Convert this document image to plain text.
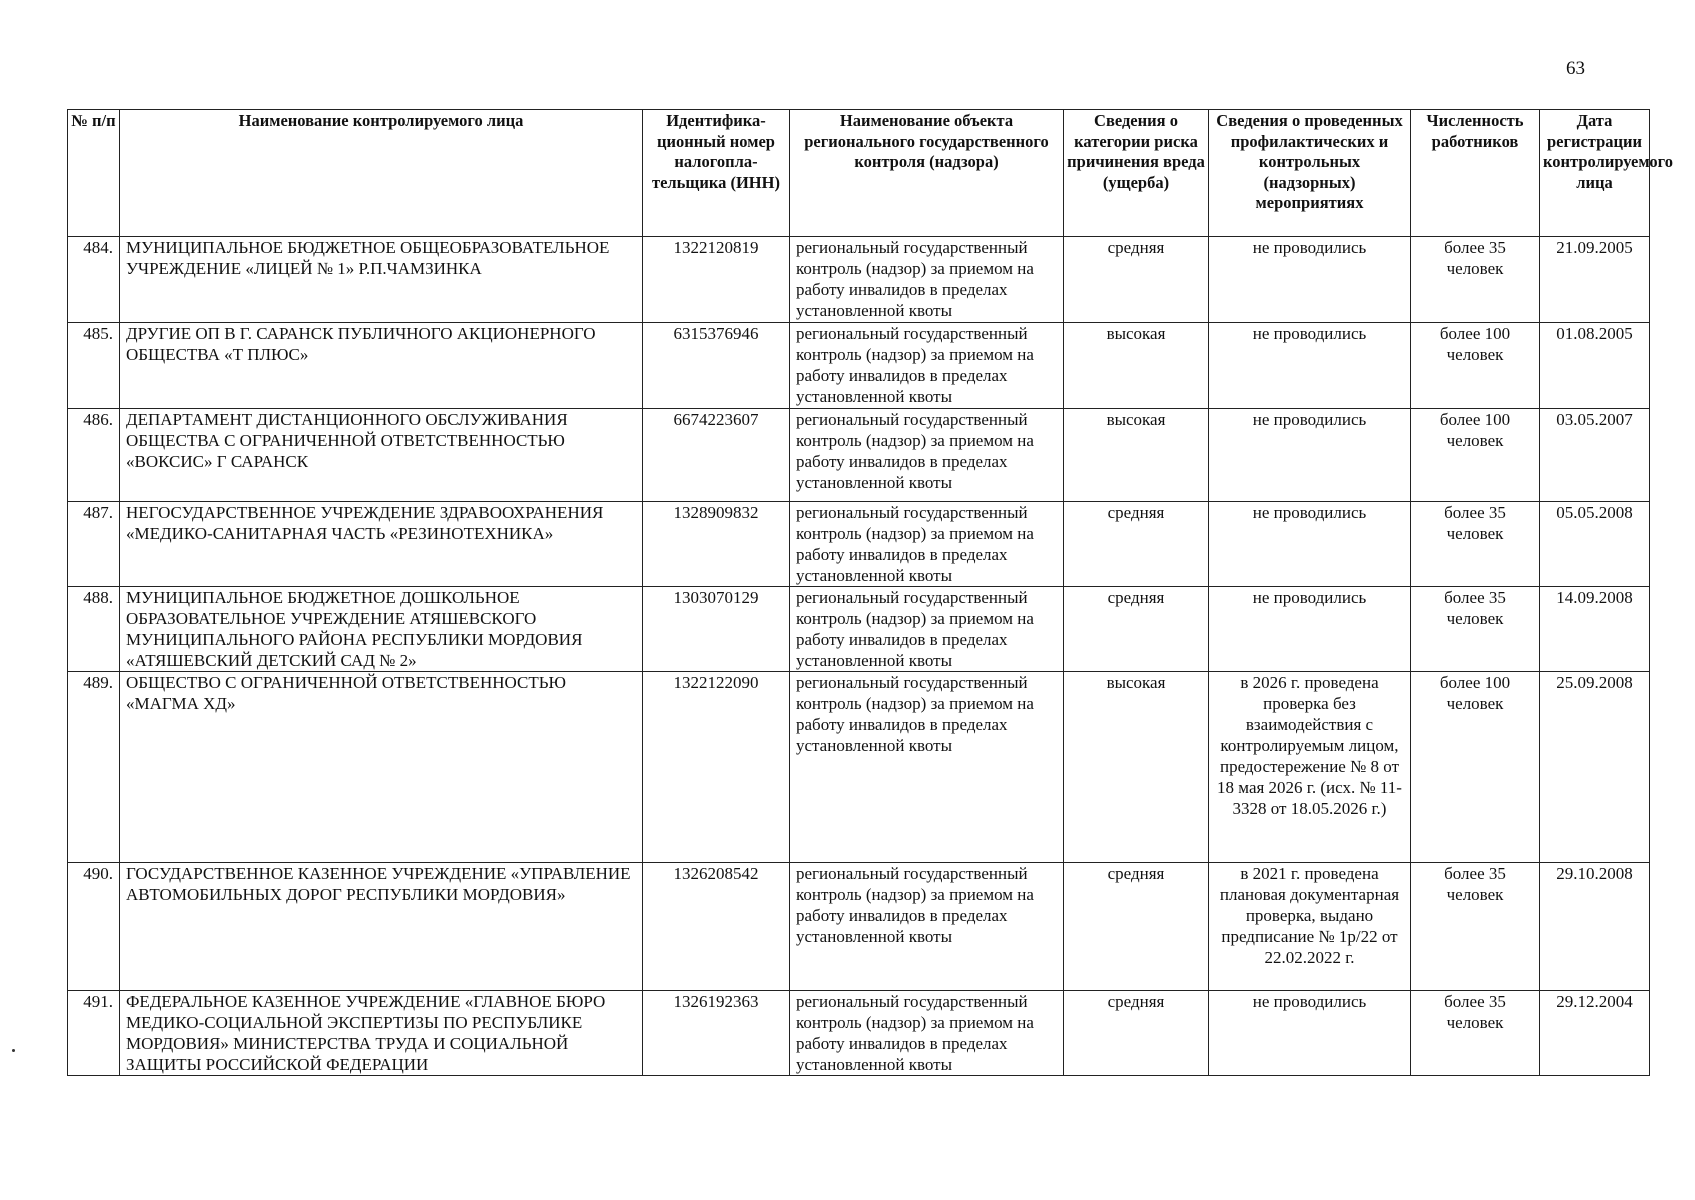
63
№ п/п	Наименование контролируемого лица	Идентифика-ционный номер налогопла-тельщика (ИНН)	Наименование объекта регионального государственного контроля (надзора)	Сведения о категории риска причинения вреда (ущерба)	Сведения о проведенных профилактических и контрольных (надзорных) мероприятиях	Численность работников	Дата регистрации контролируемого лица
484.	МУНИЦИПАЛЬНОЕ БЮДЖЕТНОЕ ОБЩЕОБРАЗОВАТЕЛЬНОЕ УЧРЕЖДЕНИЕ «ЛИЦЕЙ № 1» Р.П.ЧАМЗИНКА	1322120819	региональный государственный контроль (надзор) за приемом на работу инвалидов в пределах установленной квоты	средняя	не проводились	более 35 человек	21.09.2005
485.	ДРУГИЕ ОП В Г. САРАНСК ПУБЛИЧНОГО АКЦИОНЕРНОГО ОБЩЕСТВА «Т ПЛЮС»	6315376946	региональный государственный контроль (надзор) за приемом на работу инвалидов в пределах установленной квоты	высокая	не проводились	более 100 человек	01.08.2005
486.	ДЕПАРТАМЕНТ ДИСТАНЦИОННОГО ОБСЛУЖИВАНИЯ ОБЩЕСТВА С ОГРАНИЧЕННОЙ ОТВЕТСТВЕННОСТЬЮ «ВОКСИС» Г САРАНСК	6674223607	региональный государственный контроль (надзор) за приемом на работу инвалидов в пределах установленной квоты	высокая	не проводились	более 100 человек	03.05.2007
487.	НЕГОСУДАРСТВЕННОЕ УЧРЕЖДЕНИЕ ЗДРАВООХРАНЕНИЯ «МЕДИКО-САНИТАРНАЯ ЧАСТЬ «РЕЗИНОТЕХНИКА»	1328909832	региональный государственный контроль (надзор) за приемом на работу инвалидов в пределах установленной квоты	средняя	не проводились	более 35 человек	05.05.2008
488.	МУНИЦИПАЛЬНОЕ БЮДЖЕТНОЕ ДОШКОЛЬНОЕ ОБРАЗОВАТЕЛЬНОЕ УЧРЕЖДЕНИЕ АТЯШЕВСКОГО МУНИЦИПАЛЬНОГО РАЙОНА РЕСПУБЛИКИ МОРДОВИЯ «АТЯШЕВСКИЙ ДЕТСКИЙ САД № 2»	1303070129	региональный государственный контроль (надзор) за приемом на работу инвалидов в пределах установленной квоты	средняя	не проводились	более 35 человек	14.09.2008
489.	ОБЩЕСТВО С ОГРАНИЧЕННОЙ ОТВЕТСТВЕННОСТЬЮ «МАГМА ХД»	1322122090	региональный государственный контроль (надзор) за приемом на работу инвалидов в пределах установленной квоты	высокая	в 2026 г. проведена проверка без взаимодействия с контролируемым лицом, предостережение № 8 от 18 мая 2026 г. (исх. № 11-3328 от 18.05.2026 г.)	более 100 человек	25.09.2008
490.	ГОСУДАРСТВЕННОЕ КАЗЕННОЕ УЧРЕЖДЕНИЕ «УПРАВЛЕНИЕ АВТОМОБИЛЬНЫХ ДОРОГ РЕСПУБЛИКИ МОРДОВИЯ»	1326208542	региональный государственный контроль (надзор) за приемом на работу инвалидов в пределах установленной квоты	средняя	в 2021 г. проведена плановая документарная проверка, выдано предписание № 1р/22 от 22.02.2022 г.	более 35 человек	29.10.2008
491.	ФЕДЕРАЛЬНОЕ КАЗЕННОЕ УЧРЕЖДЕНИЕ «ГЛАВНОЕ БЮРО МЕДИКО-СОЦИАЛЬНОЙ ЭКСПЕРТИЗЫ ПО РЕСПУБЛИКЕ МОРДОВИЯ» МИНИСТЕРСТВА ТРУДА И СОЦИАЛЬНОЙ ЗАЩИТЫ РОССИЙСКОЙ ФЕДЕРАЦИИ	1326192363	региональный государственный контроль (надзор) за приемом на работу инвалидов в пределах установленной квоты	средняя	не проводились	более 35 человек	29.12.2004
